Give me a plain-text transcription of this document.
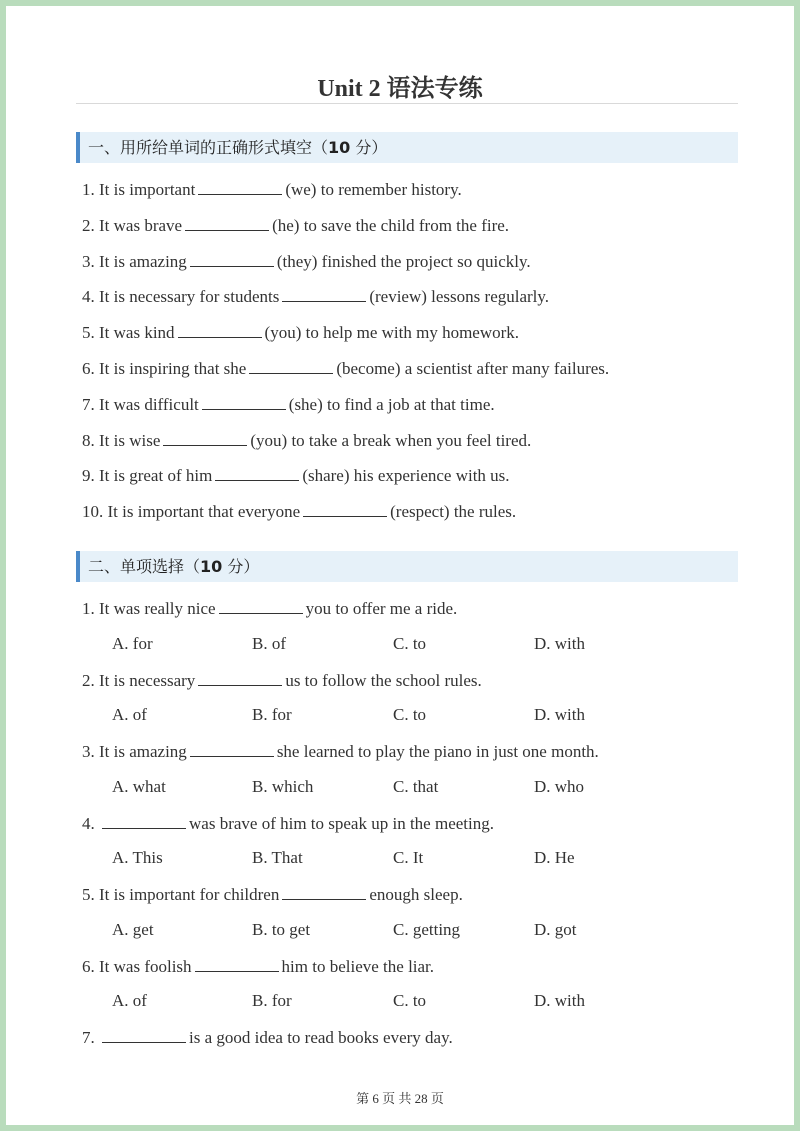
Unit 2 语法专练
一、用所给单词的正确形式填空（10 分）
1. It is important	(we) to remember history.
2. It was brave	(he) to save the child from the fire.
3. It is amazing	(they) finished the project so quickly.
4. It is necessary for students	(review) lessons regularly.
5. It was kind	(you) to help me with my homework.
6. It is inspiring that she	(become) a scientist after many failures.
7. It was difficult	(she) to find a job at that time.
8. It is wise	(you) to take a break when you feel tired.
9. It is great of him	(share) his experience with us.
10. It is important that everyone	(respect) the rules.
二、单项选择（10 分）
1. It was really nice	you to offer me a ride.
A. for	B. of	C. to	D. with
2. It is necessary	us to follow the school rules.
A. of	B. for	C. to	D. with
3. It is amazing	she learned to play the piano in just one month.
A. what	B. which	C. that	D. who
4.	was brave of him to speak up in the meeting.
A. This	B. That	C. It	D. He
5. It is important for children	enough sleep.
A. get	B. to get	C. getting	D. got
6. It was foolish	him to believe the liar.
A. of	B. for	C. to	D. with
7.	is a good idea to read books every day.
第 6 页 共 28 页
